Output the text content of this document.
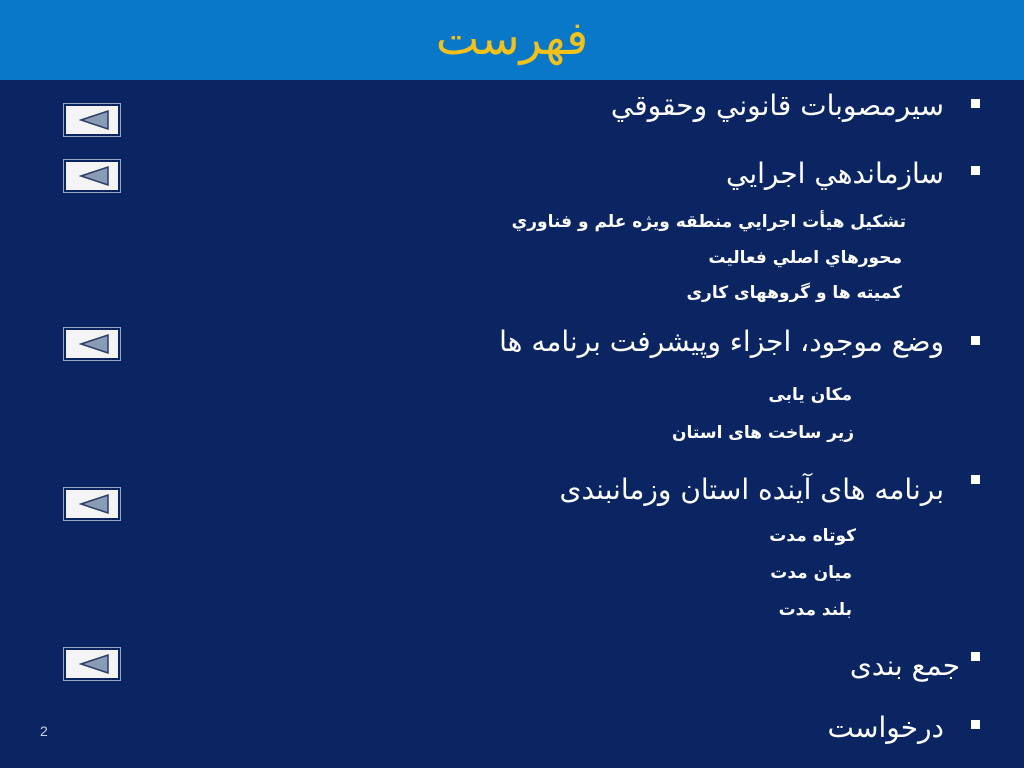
فهرست
سيرمصوبات قانوني وحقوقي
سازماندهي اجرايي
تشكيل هيأت اجرايي منطقه ويژه علم و فناوري
محورهاي اصلي فعاليت
کمیته ها و گروههای کاری
وضع موجود، اجزاء وپیشرفت برنامه ها
مکان یابی
زیر ساخت های استان
برنامه های آینده استان وزمانبندی
کوتاه مدت
میان مدت
بلند مدت
جمع بندی
درخواست
2
